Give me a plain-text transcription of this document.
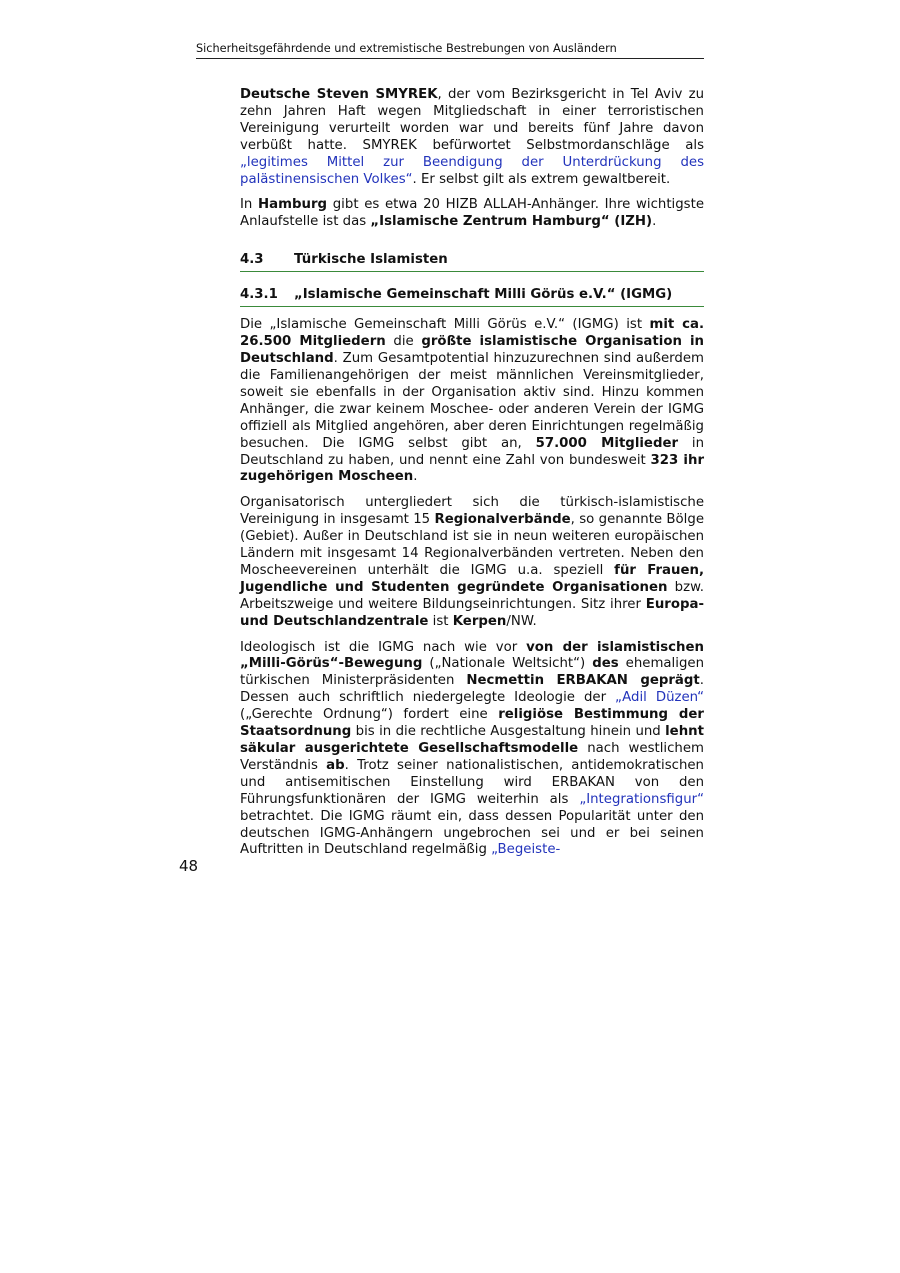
Sicherheitsgefährdende und extremistische Bestrebungen von Ausländern

Deutsche Steven SMYREK, der vom Bezirksgericht in Tel Aviv zu zehn Jahren Haft wegen Mitgliedschaft in einer terroristischen Vereinigung verurteilt worden war und bereits fünf Jahre davon verbüßt hatte. SMYREK befürwortet Selbstmordanschläge als „legitimes Mittel zur Beendigung der Unterdrückung des palästinensischen Volkes“. Er selbst gilt als extrem gewaltbereit.

In Hamburg gibt es etwa 20 HIZB ALLAH-Anhänger. Ihre wichtigste Anlaufstelle ist das „Islamische Zentrum Hamburg“ (IZH).

4.3 Türkische Islamisten
4.3.1 „Islamische Gemeinschaft Milli Görüs e.V.“ (IGMG)

Die „Islamische Gemeinschaft Milli Görüs e.V.“ (IGMG) ist mit ca. 26.500 Mitgliedern die größte islamistische Organisation in Deutschland. Zum Gesamtpotential hinzuzurechnen sind außerdem die Familienangehörigen der meist männlichen Vereinsmitglieder, soweit sie ebenfalls in der Organisation aktiv sind. Hinzu kommen Anhänger, die zwar keinem Moschee- oder anderen Verein der IGMG offiziell als Mitglied angehören, aber deren Einrichtungen regelmäßig besuchen. Die IGMG selbst gibt an, 57.000 Mitglieder in Deutschland zu haben, und nennt eine Zahl von bundesweit 323 ihr zugehörigen Moscheen.

Organisatorisch untergliedert sich die türkisch-islamistische Vereinigung in insgesamt 15 Regionalverbände, so genannte Bölge (Gebiet). Außer in Deutschland ist sie in neun weiteren europäischen Ländern mit insgesamt 14 Regionalverbänden vertreten. Neben den Moscheevereinen unterhält die IGMG u.a. speziell für Frauen, Jugendliche und Studenten gegründete Organisationen bzw. Arbeitszweige und weitere Bildungseinrichtungen. Sitz ihrer Europa- und Deutschlandzentrale ist Kerpen/NW.

Ideologisch ist die IGMG nach wie vor von der islamistischen „Milli-Görüs“-Bewegung („Nationale Weltsicht“) des ehemaligen türkischen Ministerpräsidenten Necmettin ERBAKAN geprägt. Dessen auch schriftlich niedergelegte Ideologie der „Adil Düzen“ („Gerechte Ordnung“) fordert eine religiöse Bestimmung der Staatsordnung bis in die rechtliche Ausgestaltung hinein und lehnt säkular ausgerichtete Gesellschaftsmodelle nach westlichem Verständnis ab. Trotz seiner nationalistischen, antidemokratischen und antisemitischen Einstellung wird ERBAKAN von den Führungsfunktionären der IGMG weiterhin als „Integrationsfigur“ betrachtet. Die IGMG räumt ein, dass dessen Popularität unter den deutschen IGMG-Anhängern ungebrochen sei und er bei seinen Auftritten in Deutschland regelmäßig „Begeiste-

48
